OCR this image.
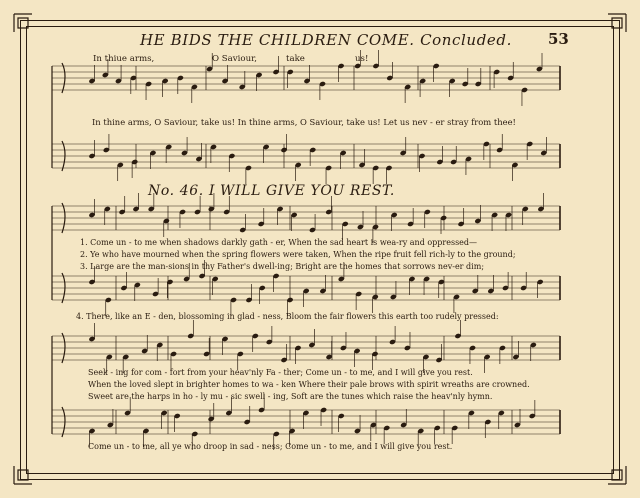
HE BIDS THE CHILDREN COME. Concluded. 53
In thiue arms,	O Saviour,	take	us!
In thine arms, O Saviour, take us! In thine arms, O Saviour, take us! Let us nev - er stray from thee!
No. 46. I WILL GIVE YOU REST.
1. Come un - to me when shadows darkly gath - er, When the sad heart is wea-ry and oppressed—
2. Ye who have mourned when the spring flowers were taken, When the ripe fruit fell rich-ly to the ground;
3. Large are the man-sions in thy Father's dwell-ing; Bright are the homes that sorrows nev-er dim;
4. There, like an E - den, blossoming in glad - ness, Bloom the fair flowers this earth too rudely pressed:
Seek - ing for com - fort from your heav'nly Fa - ther; Come un - to me, and I will give you rest.
When the loved slept in brighter homes to wa - ken Where their pale brows with spirit wreaths are crowned.
Sweet are the harps in ho - ly mu - sic swell - ing, Soft are the tunes which raise the heav'nly hymn.
Come un - to me, all ye who droop in sad - ness; Come un - to me, and I will give you rest.
